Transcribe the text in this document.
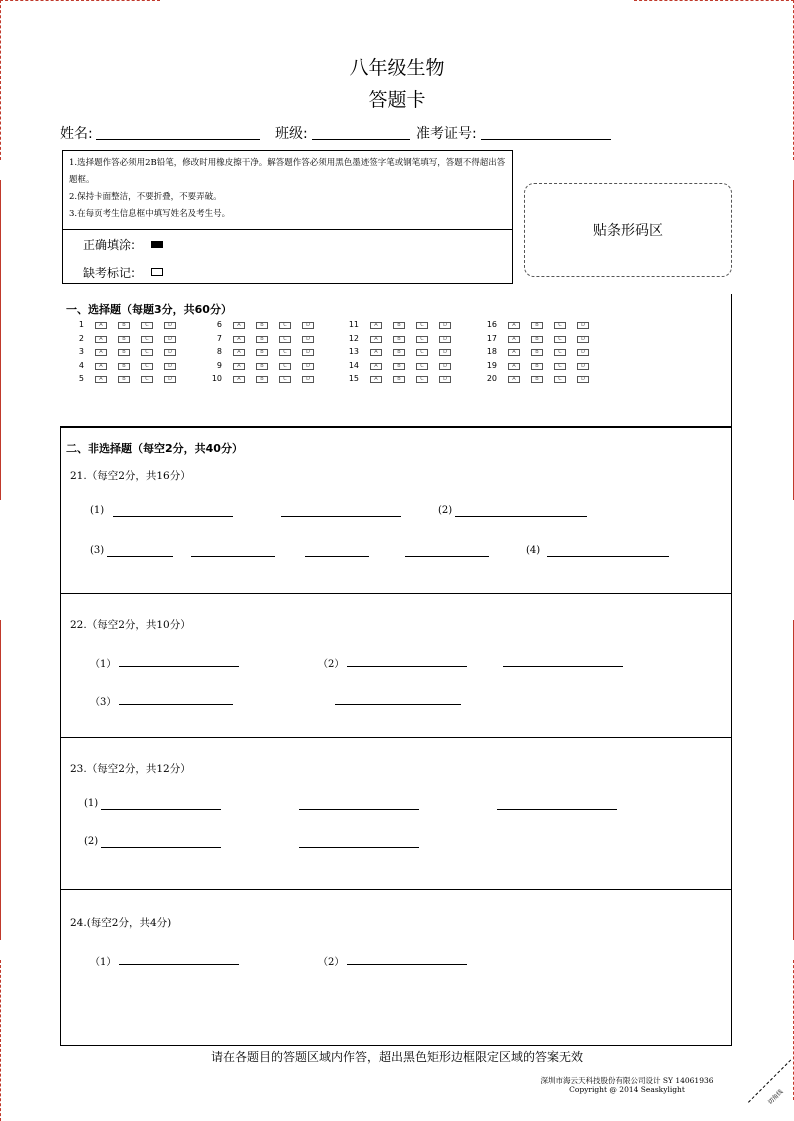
八年级生物
答题卡
姓名:	班级:	准考证号:
1.选择题作答必须用2B铅笔，修改时用橡皮擦干净。解答题作答必须用黑色墨迹签字笔或钢笔填写，答题不得超出答题框。
2.保持卡面整洁，不要折叠，不要弄破。
3.在每页考生信息框中填写姓名及考生号。
正确填涂:
缺考标记:
贴条形码区
一、选择题（每题3分，共60分）
1	A	B	C	D
2	A	B	C	D
3	A	B	C	D
4	A	B	C	D
5	A	B	C	D
6	A	B	C	D
7	A	B	C	D
8	A	B	C	D
9	A	B	C	D
10	A	B	C	D
11	A	B	C	D
12	A	B	C	D
13	A	B	C	D
14	A	B	C	D
15	A	B	C	D
16	A	B	C	D
17	A	B	C	D
18	A	B	C	D
19	A	B	C	D
20	A	B	C	D
二、非选择题（每空2分，共40分）
21.（每空2分，共16分）
(1)	(2)
(3)	(4)
22.（每空2分，共10分）
（1）	（2）
（3）
23.（每空2分，共12分）
(1)
(2)
24.(每空2分，共4分)
（1）	（2）
请在各题目的答题区域内作答，超出黑色矩形边框限定区域的答案无效
深圳市海云天科技股份有限公司设计 SY 14061936
Copyright @ 2014 Seaskylight	切角线
